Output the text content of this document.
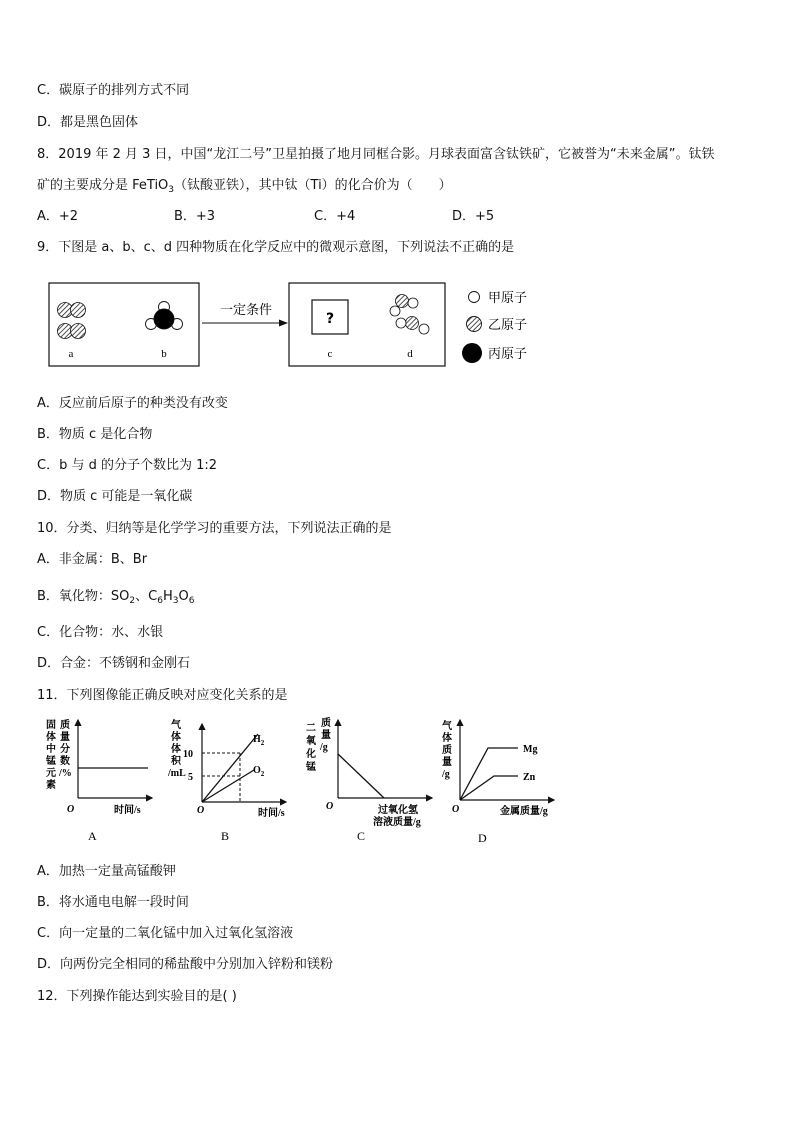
C．碳原子的排列方式不同
D．都是黑色固体
8．2019 年 2 月 3 日，中国“龙江二号”卫星拍摄了地月同框合影。月球表面富含钛铁矿，它被誉为“未来金属”。钛铁
矿的主要成分是 FeTiO$_3$（钛酸亚铁），其中钛（Ti）的化合价为（　　）
A．+2	B．+3	C．+4	D．+5
9．下图是 a、b、c、d 四种物质在化学反应中的微观示意图，下列说法不正确的是
a	b
一定条件
?
c	d
甲原子
乙原子
丙原子
A．反应前后原子的种类没有改变
B．物质 c 是化合物
C．b 与 d 的分子个数比为 1:2
D．物质 c 可能是一氧化碳
10．分类、归纳等是化学学习的重要方法，下列说法正确的是
A．非金属：B、Br
B．氧化物：$SO_2$、$C_6H_3O_6$
C．化合物：水、水银
D．合金：不锈钢和金刚石
11．下列图像能正确反映对应变化关系的是
固
体
中
锰
元
素
质
量
分
数
/%
O	时间/s
A
气
体
体
积
/mL
10
5
$H_2$
$O_2$
O	时间/s
B
二
氧
化
锰
质
量
/g
O	过氧化氢
溶液质量/g
C
气
体
质
量
/g
Mg
Zn
O	金属质量/g
D
A．加热一定量高锰酸钾
B．将水通电电解一段时间
C．向一定量的二氧化锰中加入过氧化氢溶液
D．向两份完全相同的稀盐酸中分别加入锌粉和镁粉
12．下列操作能达到实验目的是( )
